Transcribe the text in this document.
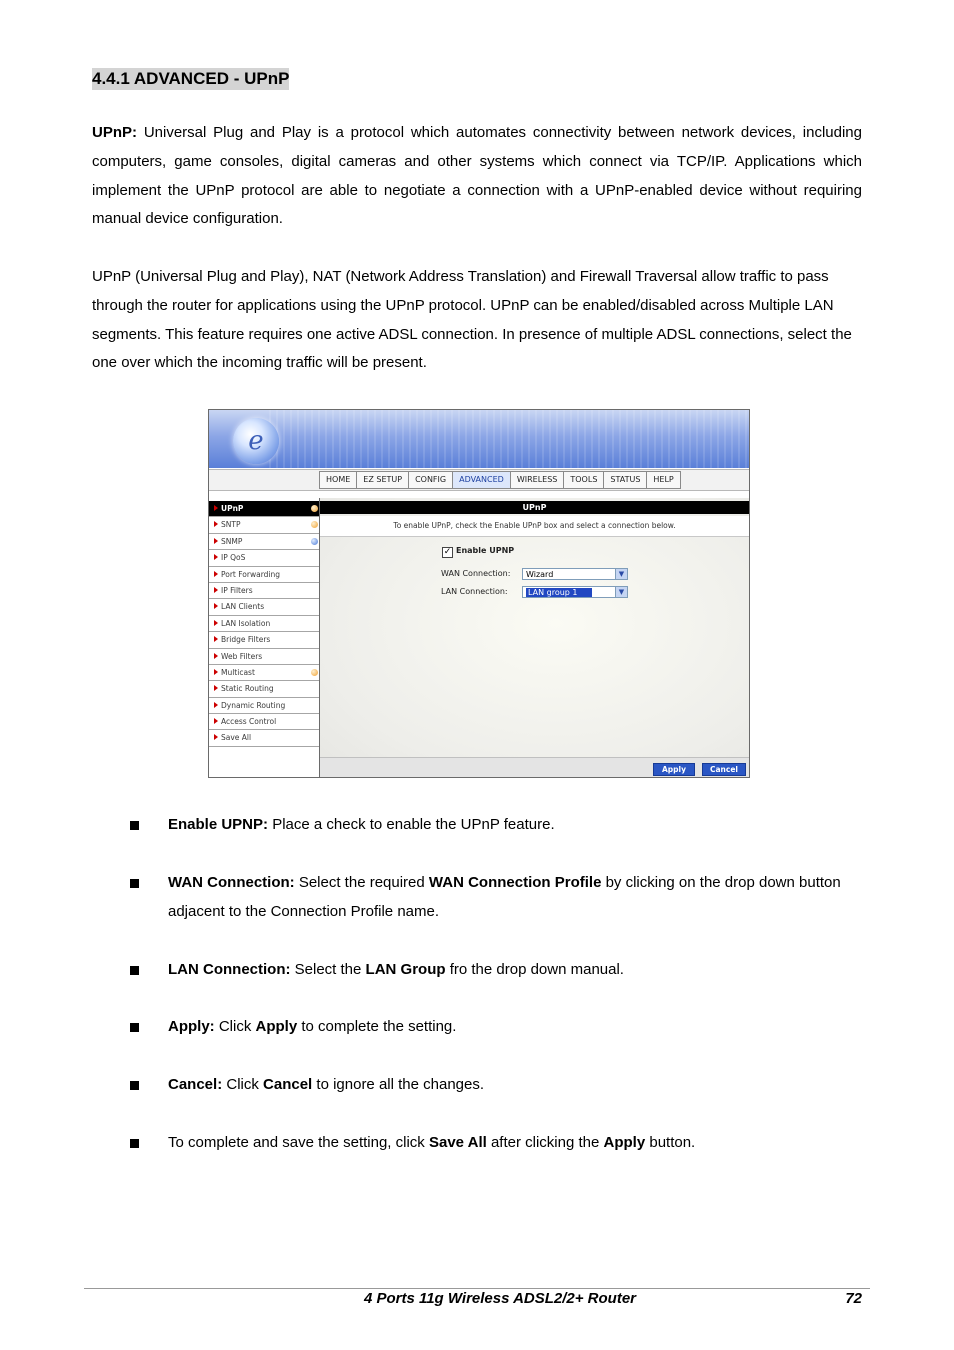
4.4.1 ADVANCED - UPnP
UPnP: Universal Plug and Play is a protocol which automates connectivity between network devices, including computers, game consoles, digital cameras and other systems which connect via TCP/IP. Applications which implement the UPnP protocol are able to negotiate a connection with a UPnP-enabled device without requiring manual device configuration.
UPnP (Universal Plug and Play), NAT (Network Address Translation) and Firewall Traversal allow traffic to pass through the router for applications using the UPnP protocol. UPnP can be enabled/disabled across Multiple LAN segments. This feature requires one active ADSL connection. In presence of multiple ADSL connections, select the one over which the incoming traffic will be present.
e
HOME	EZ SETUP	CONFIG	ADVANCED	WIRELESS	TOOLS	STATUS	HELP
UPnP
SNTP
SNMP
IP QoS
Port Forwarding
IP Filters
LAN Clients
LAN Isolation
Bridge Filters
Web Filters
Multicast
Static Routing
Dynamic Routing
Access Control
Save All
UPnP
To enable UPnP, check the Enable UPnP box and select a connection below.
✓ Enable UPNP
WAN Connection:	Wizard	▼
LAN Connection:	LAN group 1	▼
Apply	Cancel
Enable UPNP: Place a check to enable the UPnP feature.
WAN Connection: Select the required WAN Connection Profile by clicking on the drop down button adjacent to the Connection Profile name.
LAN Connection: Select the LAN Group fro the drop down manual.
Apply: Click Apply to complete the setting.
Cancel: Click Cancel to ignore all the changes.
To complete and save the setting, click Save All after clicking the Apply button.
4 Ports 11g Wireless ADSL2/2+ Router	72
